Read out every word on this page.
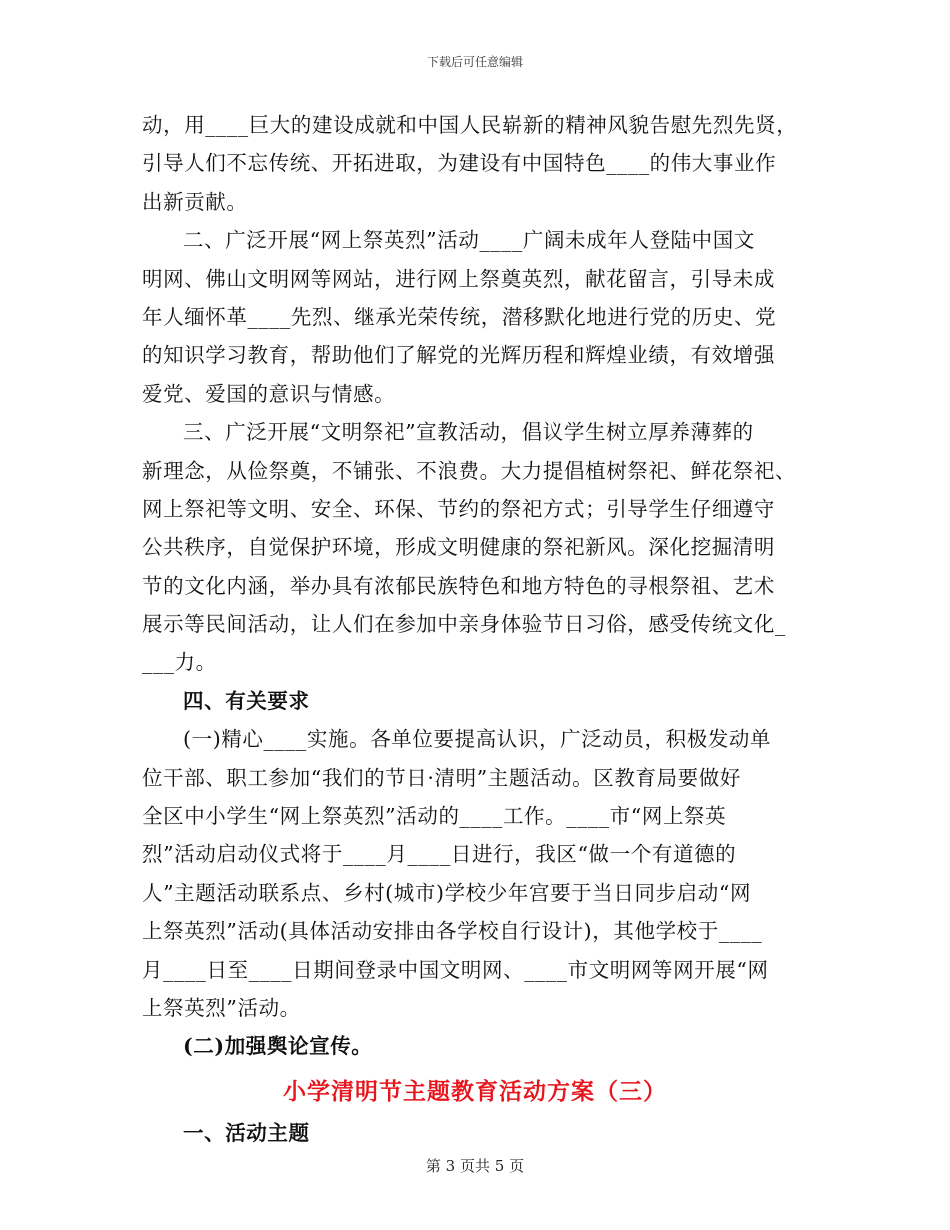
下载后可任意编辑
动，用____巨大的建设成就和中国人民崭新的精神风貌告慰先烈先贤，
引导人们不忘传统、开拓进取，为建设有中国特色____的伟大事业作
出新贡献。
二、广泛开展“网上祭英烈”活动____广阔未成年人登陆中国文
明网、佛山文明网等网站，进行网上祭奠英烈，献花留言，引导未成
年人缅怀革____先烈、继承光荣传统，潜移默化地进行党的历史、党
的知识学习教育，帮助他们了解党的光辉历程和辉煌业绩，有效增强
爱党、爱国的意识与情感。
三、广泛开展“文明祭祀”宣教活动，倡议学生树立厚养薄葬的
新理念，从俭祭奠，不铺张、不浪费。大力提倡植树祭祀、鲜花祭祀、
网上祭祀等文明、安全、环保、节约的祭祀方式；引导学生仔细遵守
公共秩序，自觉保护环境，形成文明健康的祭祀新风。深化挖掘清明
节的文化内涵，举办具有浓郁民族特色和地方特色的寻根祭祖、艺术
展示等民间活动，让人们在参加中亲身体验节日习俗，感受传统文化_
___力。
四、有关要求
(一)精心____实施。各单位要提高认识，广泛动员，积极发动单
位干部、职工参加“我们的节日·清明”主题活动。区教育局要做好
全区中小学生“网上祭英烈”活动的____工作。____市“网上祭英
烈”活动启动仪式将于____月____日进行，我区“做一个有道德的
人”主题活动联系点、乡村(城市)学校少年宫要于当日同步启动“网
上祭英烈”活动(具体活动安排由各学校自行设计)，其他学校于____
月____日至____日期间登录中国文明网、____市文明网等网开展“网
上祭英烈”活动。
(二)加强舆论宣传。
小学清明节主题教育活动方案（三）
一、活动主题
第 3 页共 5 页
